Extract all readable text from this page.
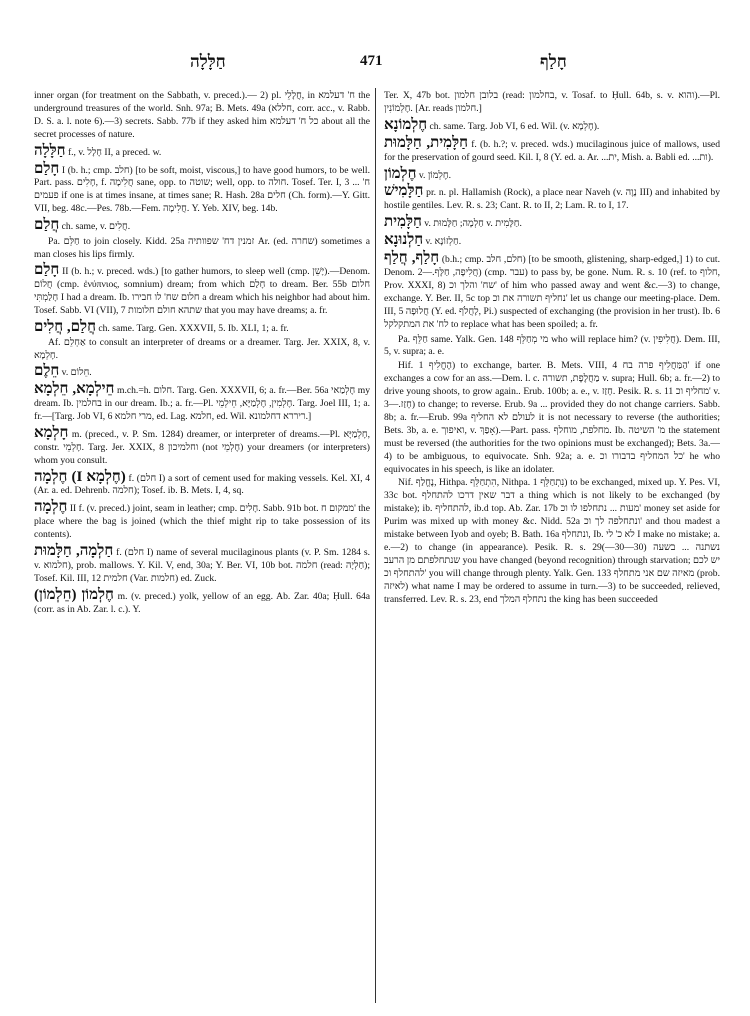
חַלָּלָה	471	חָלַף
inner organ (for treatment on the Sabbath, v. preced.).— 2) pl. חֲלָלֵי, in ח' דעלמא the underground treasures of the world. Snh. 97a; B. Mets. 49a (חללא, corr. acc., v. Rabb. D. S. a. l. note 6).—3) secrets. Sabb. 77b if they asked him כל ח' דעלמא about all the secret processes of nature.
חַלָּלָה f., v. חָלָל II, a preced. w.
חָלַם I (b. h.; cmp. חלב) [to be soft, moist, viscous,] to have good humors, to be well. Part. pass. חָלִים, f. חֲלִימָה sane, opp. to שוטה; well, opp. to חולה. Tosef. Ter. I, 3 ... ח' פעמים if one is at times insane, at times sane; R. Hash. 28a חלים (Ch. form).—Y. Gitt. VII, beg. 48c.—Pes. 78b.—Fem. חֲלִימָה. Y. Yeb. XIV, beg. 14b.
חֲלַם ch. same, v. חֲלִים.
Pa. חַלֵּם to join closely. Kidd. 25a זמנין דח' שפוותיה Ar. (ed. שחרה) sometimes a man closes his lips firmly.
חָלַם II (b. h.; v. preced. wds.) [to gather humors, to sleep well (cmp. יָשֵׁן).—Denom. חֲלוֹם (cmp. ἐνύπνιος, somnium) dream; from which חָלַם to dream. Ber. 55b חלום חָלַמְתִּי I had a dream. Ib. חלום שח' לו חבירו a dream which his neighbor had about him. Tosef. Sabb. VI (VII), 7 שתהא חולם חלומות that you may have dreams; a. fr.
חֲלַם, חֲלִים ch. same. Targ. Gen. XXXVII, 5. Ib. XLI, 1; a. fr.
Af. אַחְלֵם to consult an interpreter of dreams or a dreamer. Targ. Jer. XXIX, 8, v. חָלְמָא.
חֵלֶם v. חֵלוֹם.
חֵילְמָא, חֵלְמָא m.ch.=h. חלום. Targ. Gen. XXXVII, 6; a. fr.—Ber. 56a חֶלְמַאי my dream. Ib. בחלמין in our dream. Ib.; a. fr.—Pl. חֶלְמִין, חֶלְמַיָּא, חֵילְמֵי. Targ. Joel III, 1; a. fr.—[Targ. Job VI, 6 מרי חלמא, ed. Lag. חלמא, ed. Wil. ריררא דחלמונא.]
חָלְמָא m. (preced., v. P. Sm. 1284) dreamer, or interpreter of dreams.—Pl. חָלְמַיָּא, constr. חָלְמֵי. Targ. Jer. XXIX, 8 וחלמיכון (not חֶלְמֵי) your dreamers (or interpreters) whom you consult.
חֶלְמָה (I חֶלְמָא) f. (חלם I) a sort of cement used for making vessels. Kel. XI, 4 (Ar. a. ed. Dehrenb. חלמה); Tosef. ib. B. Mets. I, 4, sq.
חֶלְמָה II f. (v. preced.) joint, seam in leather; cmp. חָלִים. Sabb. 91b bot. ממקום ח' the place where the bag is joined (which the thief might rip to take possession of its contents).
חַלְמָה, חַלָּמוּת f. (חלם I) name of several mucilaginous plants (v. P. Sm. 1284 s. v. חלמוא), prob. mallows. Y. Kil. V, end, 30a; Y. Ber. VI, 10b bot. חלמה (read: חַלְיָה); Tosef. Kil. III, 12 חלמית (Var. חלמות) ed. Zuck.
חֶלְמוֹן (חֵלְמוֹן) m. (v. preced.) yolk, yellow of an egg. Ab. Zar. 40a; Ḥull. 64a (corr. as in Ab. Zar. l. c.). Y.
Ter. X, 47b bot. בלובן חלמון (read: בחלמון, v. Tosaf. to Ḥull. 64b, s. v. והוא).—Pl. חֶלְמוֹנִין. [Ar. reads חלמון.]
חֶלְמוֹנָא ch. same. Targ. Job VI, 6 ed. Wil. (v. חֶלְמָא).
חַלָּמִית, חַלָּמוּת f. (b. h.?; v. preced. wds.) mucilaginous juice of mallows, used for the preservation of gourd seed. Kil. I, 8 (Y. ed. a. Ar. ...ית, Mish. a. Babli ed. ...ות).
חֶלְמוֹן v. חֶלְמוֹן.
חַלָּמִישׁ pr. n. pl. Hallamish (Rock), a place near Naveh (v. נָוֶה III) and inhabited by hostile gentiles. Lev. R. s. 23; Cant. R. to II, 2; Lam. R. to I, 17.
חַלָּמִית v. חַלְמָה; חַלָּמוּת v. חַלָּמִית.
חַלְנוּנָא v. חַלְזוֹנָא.
חָלַף, חֲלַף (b.h.; cmp. חלם, חלב) [to be smooth, glistening, sharp-edged,] 1) to cut. Denom. חֲלִיפָה, חַלָּף.—2) (cmp. עבר) to pass by, be gone. Num. R. s. 10 (ref. to חלוף, Prov. XXXI, 8) שח' והלך וכ' of him who passed away and went &c.—3) to change, exchange. Y. Ber. II, 5c top נחליף תשורה את וכ' let us change our meeting-place. Dem. III, 5 חֲלוּפָה (Y. ed. לָחֲלֹף, Pi.) suspected of exchanging (the provision in her trust). Ib. 6 לח' את המתקלקל to replace what has been spoiled; a. fr.
Pa. חַלֵּף same. Yalk. Gen. 148 מי מְחַלֵּף who will replace him? (v. חֲלִיפִין). Dem. III, 5, v. supra; a. e.
Hif. הֶחֱלִיף 1) to exchange, barter. B. Mets. VIII, 4 הַמַּחֲלִיף פרה בח' if one exchanges a cow for an ass.—Dem. l. c. מַחֲלֶפֶת, תשורה v. supra; Hull. 6b; a. fr.—2) to drive young shoots, to grow again.. Erub. 100b; a. e., v. חָזַז. Pesik. R. s. 11 מחליף וכ' v. חָזַז.—3) to change; to reverse. Erub. 9a ... provided they do not change carriers. Sabb. 8b; a. fr.—Erub. 99a לעולם לא החליף it is not necessary to reverse (the authorities; Bets. 3b, a. e. ואיפוך, v. אָפַךְ).—Part. pass. מחלפת, מוחלף. Ib. מ' השיטה the statement must be reversed (the authorities for the two opinions must be exchanged); Bets. 3a.—4) to be ambiguous, to equivocate. Snh. 92a; a. e. כל המחליף בדבורו וכ' he who equivocates in his speech, is like an idolater.
Nif. נֶחֱלַף, Hithpa. הִתְחַלֵּף, Nithpa. נִתְחַלֵּף 1) to be exchanged, mixed up. Y. Pes. VI, 33c bot. דבר שאין דרכו להתחלף a thing which is not likely to be exchanged (by mistake); ib. להתחליף, ib.d top. Ab. Zar. 17b מעות ... נתחלפו לו וכ' money set aside for Purim was mixed up with money &c. Nidd. 52a ונתחלפה לך וכ' and thou madest a mistake between Iyob and oyeb; B. Bath. 16a ונתחלף, Ib. לא כ' לי I make no mistake; a. e.—2) to change (in appearance). Pesik. R. s. 29(—30—30) נשתנה ... בשעה שנתחלפתם מן הרעב you have changed (beyond recognition) through starvation; יש לכם להתחלף וכ' you will change through plenty. Yalk. Gen. 133 מאיזה שם אני מתחלף (prob. לאיזה) what name I may be ordered to assume in turn.—3) to be succeeded, relieved, transferred. Lev. R. s. 23, end נתחלף המלך the king has been succeeded
